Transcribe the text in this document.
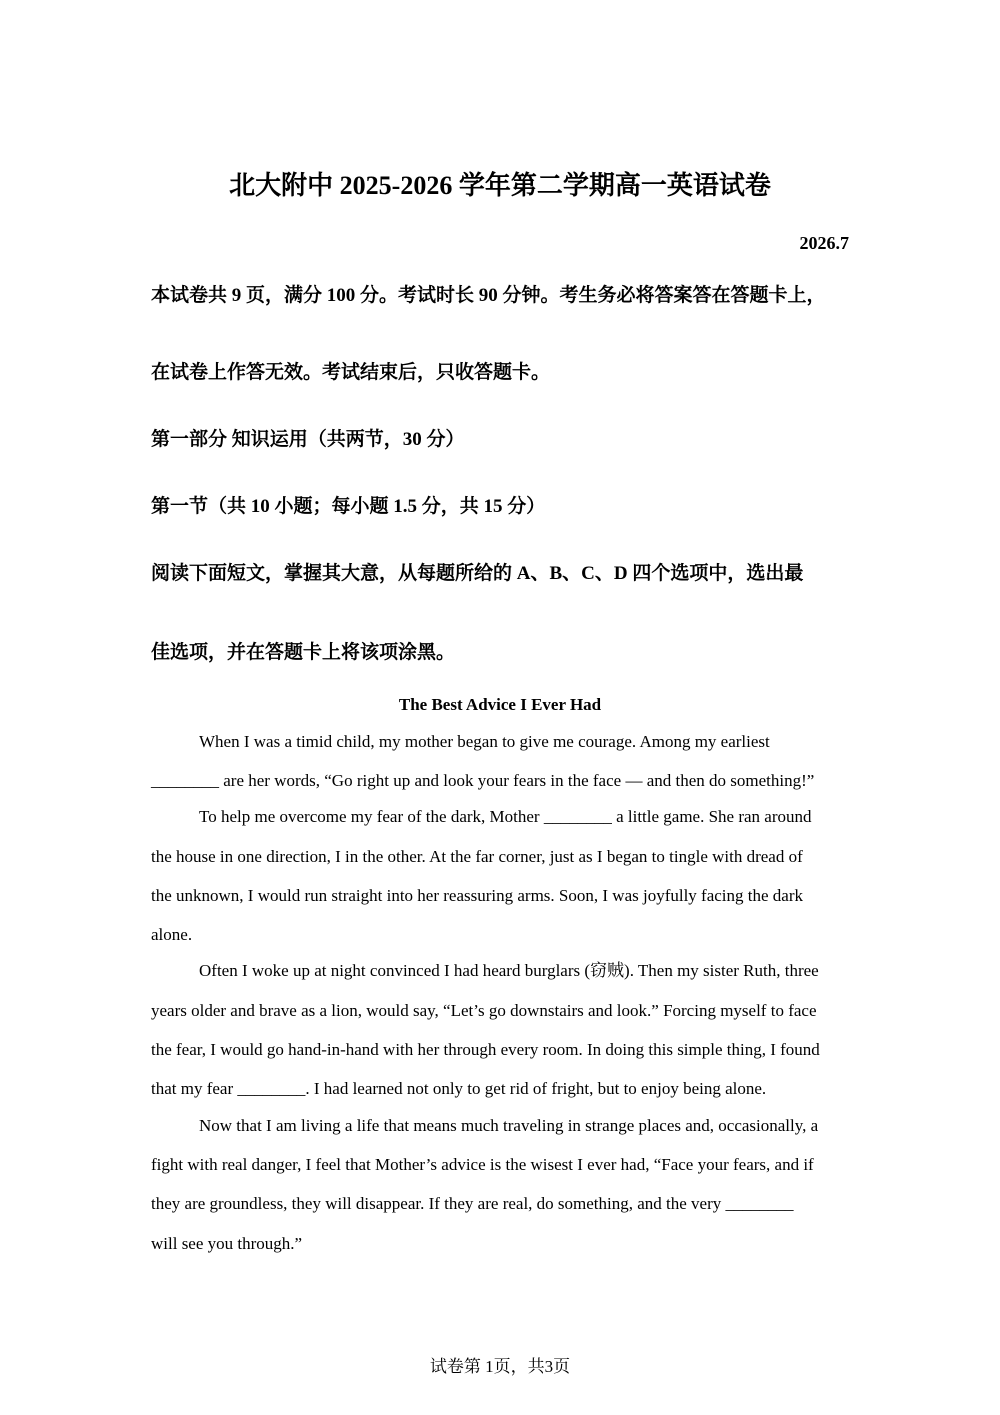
北大附中 2025-2026 学年第二学期高一英语试卷
2026.7
本试卷共 9 页，满分 100 分。考试时长 90 分钟。考生务必将答案答在答题卡上，
在试卷上作答无效。考试结束后，只收答题卡。
第一部分 知识运用（共两节，30 分）
第一节（共 10 小题；每小题 1.5 分，共 15 分）
阅读下面短文，掌握其大意，从每题所给的 A、B、C、D 四个选项中，选出最
佳选项，并在答题卡上将该项涂黑。
The Best Advice I Ever Had
When I was a timid child, my mother began to give me courage. Among my earliest
________ are her words, “Go right up and look your fears in the face — and then do something!”
To help me overcome my fear of the dark, Mother ________ a little game. She ran around
the house in one direction, I in the other. At the far corner, just as I began to tingle with dread of
the unknown, I would run straight into her reassuring arms. Soon, I was joyfully facing the dark
alone.
Often I woke up at night convinced I had heard burglars (窃贼). Then my sister Ruth, three
years older and brave as a lion, would say, “Let’s go downstairs and look.” Forcing myself to face
the fear, I would go hand-in-hand with her through every room. In doing this simple thing, I found
that my fear ________. I had learned not only to get rid of fright, but to enjoy being alone.
Now that I am living a life that means much traveling in strange places and, occasionally, a
fight with real danger, I feel that Mother’s advice is the wisest I ever had, “Face your fears, and if
they are groundless, they will disappear. If they are real, do something, and the very ________
will see you through.”
试卷第 1页，共3页
